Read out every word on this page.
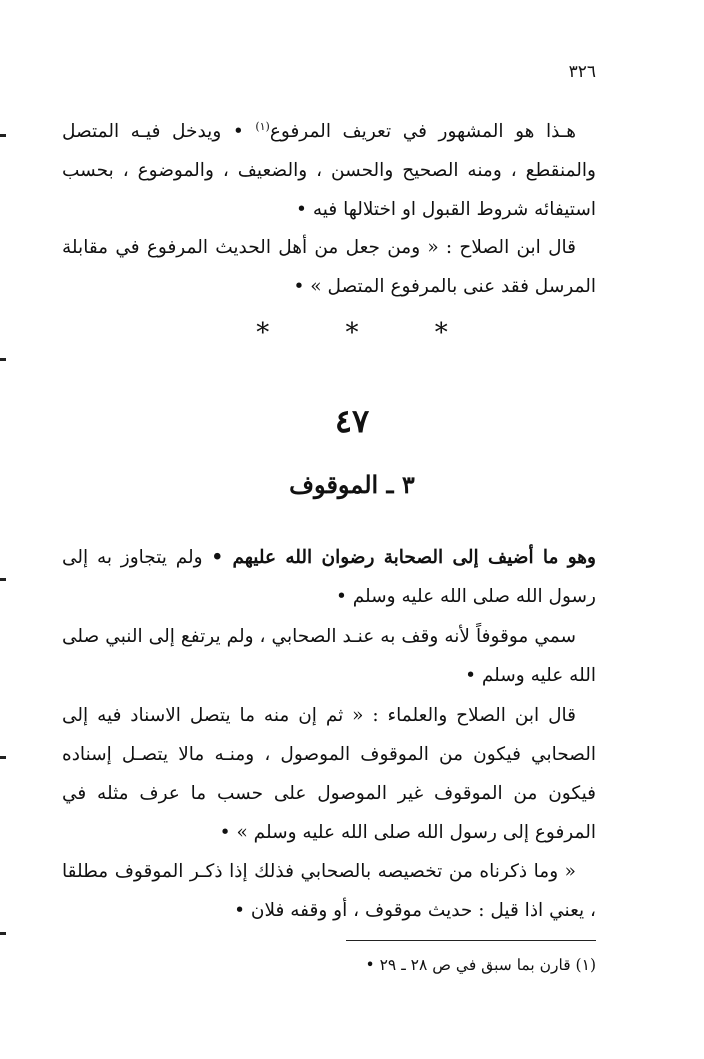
٣٢٦

هـذا هو المشهور في تعريف المرفوع$^{(١)}$ • ويدخل فيـه المتصل والمنقطع ، ومنه الصحيح والحسن ، والضعيف ، والموضوع ، بحسب استيفائه شروط القبول او اختلالها فيه •

قال ابن الصلاح : « ومن جعل من أهل الحديث المرفوع في مقابلة المرسل فقد عنى بالمرفوع المتصل » •

* * *
٤٧
٣ ـ الموقوف

وهو ما أضيف إلى الصحابة رضوان الله عليهم • ولم يتجاوز به إلى رسول الله صلى الله عليه وسلم •

سمي موقوفاً لأنه وقف به عنـد الصحابي ، ولم يرتفع إلى النبي صلى الله عليه وسلم •

قال ابن الصلاح والعلماء : « ثم إن منه ما يتصل الاسناد فيه إلى الصحابي فيكون من الموقوف الموصول ، ومنـه مالا يتصـل إسناده فيكون من الموقوف غير الموصول على حسب ما عرف مثله في المرفوع إلى رسول الله صلى الله عليه وسلم » •

« وما ذكرناه من تخصيصه بالصحابي فذلك إذا ذكـر الموقوف مطلقا ، يعني اذا قيل : حديث موقوف ، أو وقفه فلان •

(١) قارن بما سبق في ص ٢٨ ـ ٢٩ •
